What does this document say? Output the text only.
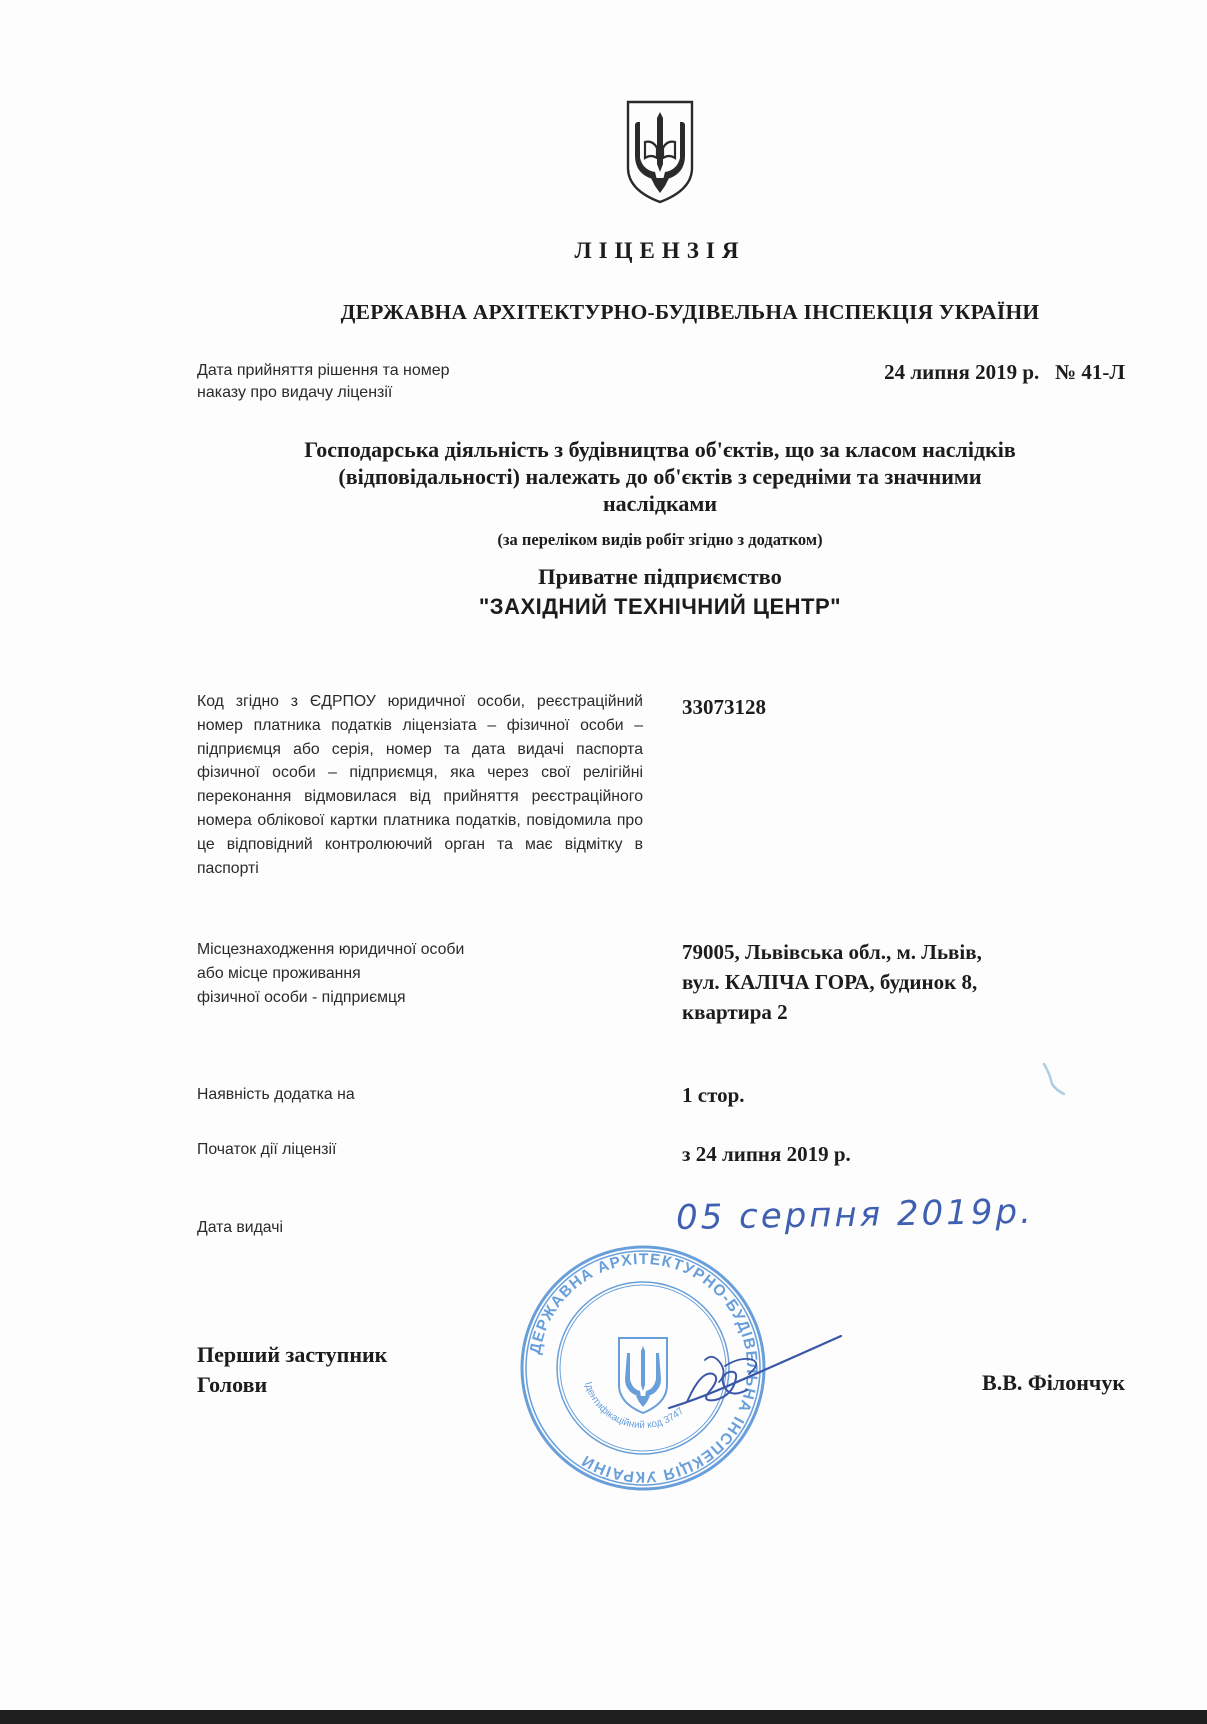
ЛІЦЕНЗІЯ
ДЕРЖАВНА АРХІТЕКТУРНО-БУДІВЕЛЬНА ІНСПЕКЦІЯ УКРАЇНИ
Дата прийняття рішення та номер
наказу про видачу ліцензії
24 липня 2019 р.   № 41-Л
Господарська діяльність з будівництва об'єктів, що за класом наслідків
(відповідальності) належать до об'єктів з середніми та значними
наслідками
(за переліком видів робіт згідно з додатком)
Приватне підприємство
"ЗАХІДНИЙ ТЕХНІЧНИЙ ЦЕНТР"
Код згідно з ЄДРПОУ юридичної особи, реєстраційний номер платника податків ліцензіата – фізичної особи – підприємця або серія, номер та дата видачі паспорта фізичної особи – підприємця, яка через свої релігійні переконання відмовилася від прийняття реєстраційного номера облікової картки платника податків, повідомила про це відповідний контролюючий орган та має відмітку в паспорті
33073128
Місцезнаходження юридичної особи
або місце проживання
фізичної особи - підприємця
79005, Львівська обл., м. Львів,
вул. КАЛІЧА ГОРА, будинок 8,
квартира 2
Наявність додатка на	1 стор.
Початок дії ліцензії	з 24 липня 2019 р.
Дата видачі	05 серпня 2019р.
ДЕРЖАВНА АРХІТЕКТУРНО-БУДІВЕЛЬНА ІНСПЕКЦІЯ УКРАЇНИ
Ідентифікаційний код 3747
Перший заступник
Голови	В.В. Філончук
